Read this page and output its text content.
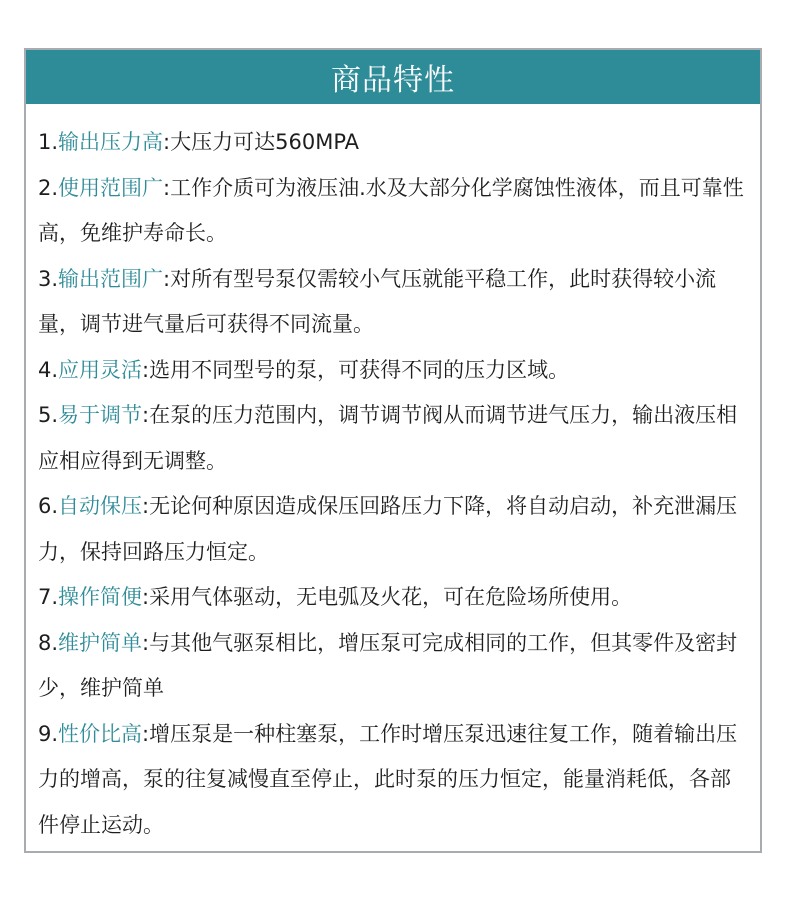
商品特性

1.输出压力高:大压力可达560MPA

2.使用范围广:工作介质可为液压油.水及大部分化学腐蚀性液体，而且可靠性高，免维护寿命长。

3.输出范围广:对所有型号泵仅需较小气压就能平稳工作，此时获得较小流量，调节进气量后可获得不同流量。

4.应用灵活:选用不同型号的泵，可获得不同的压力区域。

5.易于调节:在泵的压力范围内，调节调节阀从而调节进气压力，输出液压相应相应得到无调整。

6.自动保压:无论何种原因造成保压回路压力下降，将自动启动，补充泄漏压力，保持回路压力恒定。

7.操作简便:采用气体驱动，无电弧及火花，可在危险场所使用。

8.维护简单:与其他气驱泵相比，增压泵可完成相同的工作，但其零件及密封少，维护简单

9.性价比高:增压泵是一种柱塞泵，工作时增压泵迅速往复工作，随着输出压力的增高，泵的往复减慢直至停止，此时泵的压力恒定，能量消耗低，各部件停止运动。
